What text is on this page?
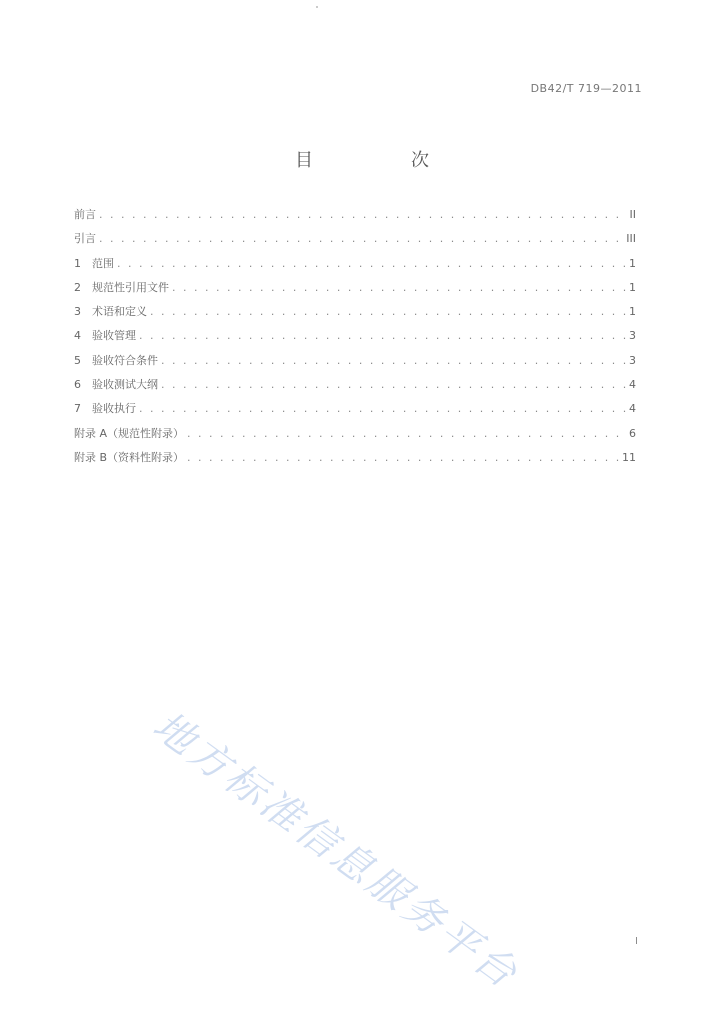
DB42/T 719—2011
目　次
前言 . . .	II
引言 . . .	III
1　范围 . . .	1
2　规范性引用文件 . . .	1
3　术语和定义 . . .	1
4　验收管理 . . .	3
5　验收符合条件 . . .	3
6　验收测试大纲 . . .	4
7　验收执行 . . .	4
附录 A（规范性附录） . . .	6
附录 B（资料性附录） . . .	11
地方标准信息服务平台	I
